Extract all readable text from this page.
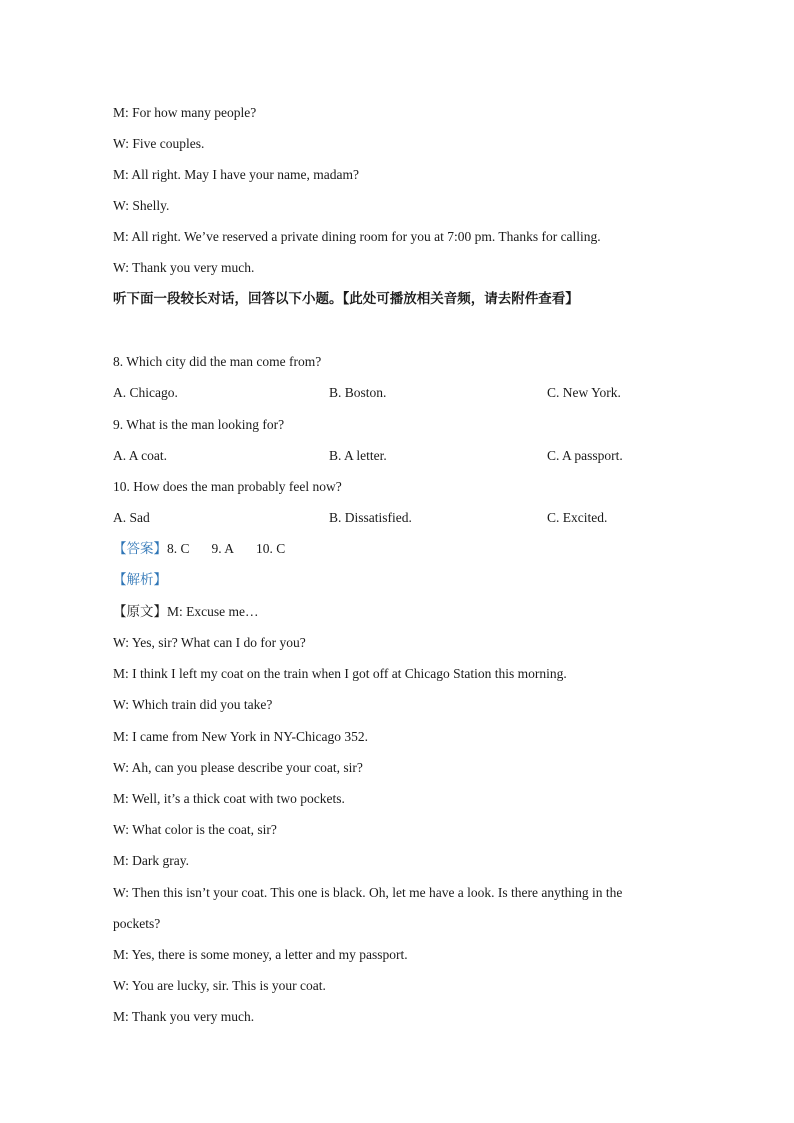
M: For how many people?
W: Five couples.
M: All right. May I have your name, madam?
W: Shelly.
M: All right. We’ve reserved a private dining room for you at 7:00 pm. Thanks for calling.
W: Thank you very much.
听下面一段较长对话，回答以下小题。【此处可播放相关音频，请去附件查看】
8. Which city did the man come from?
A. Chicago.	B. Boston.	C. New York.
9. What is the man looking for?
A. A coat.	B. A letter.	C. A passport.
10. How does the man probably feel now?
A. Sad	B. Dissatisfied.	C. Excited.
【答案】8. C 9. A 10. C
【解析】
【原文】M: Excuse me…
W: Yes, sir? What can I do for you?
M: I think I left my coat on the train when I got off at Chicago Station this morning.
W: Which train did you take?
M: I came from New York in NY-Chicago 352.
W: Ah, can you please describe your coat, sir?
M: Well, it’s a thick coat with two pockets.
W: What color is the coat, sir?
M: Dark gray.
W: Then this isn’t your coat. This one is black. Oh, let me have a look. Is there anything in the
pockets?
M: Yes, there is some money, a letter and my passport.
W: You are lucky, sir. This is your coat.
M: Thank you very much.
